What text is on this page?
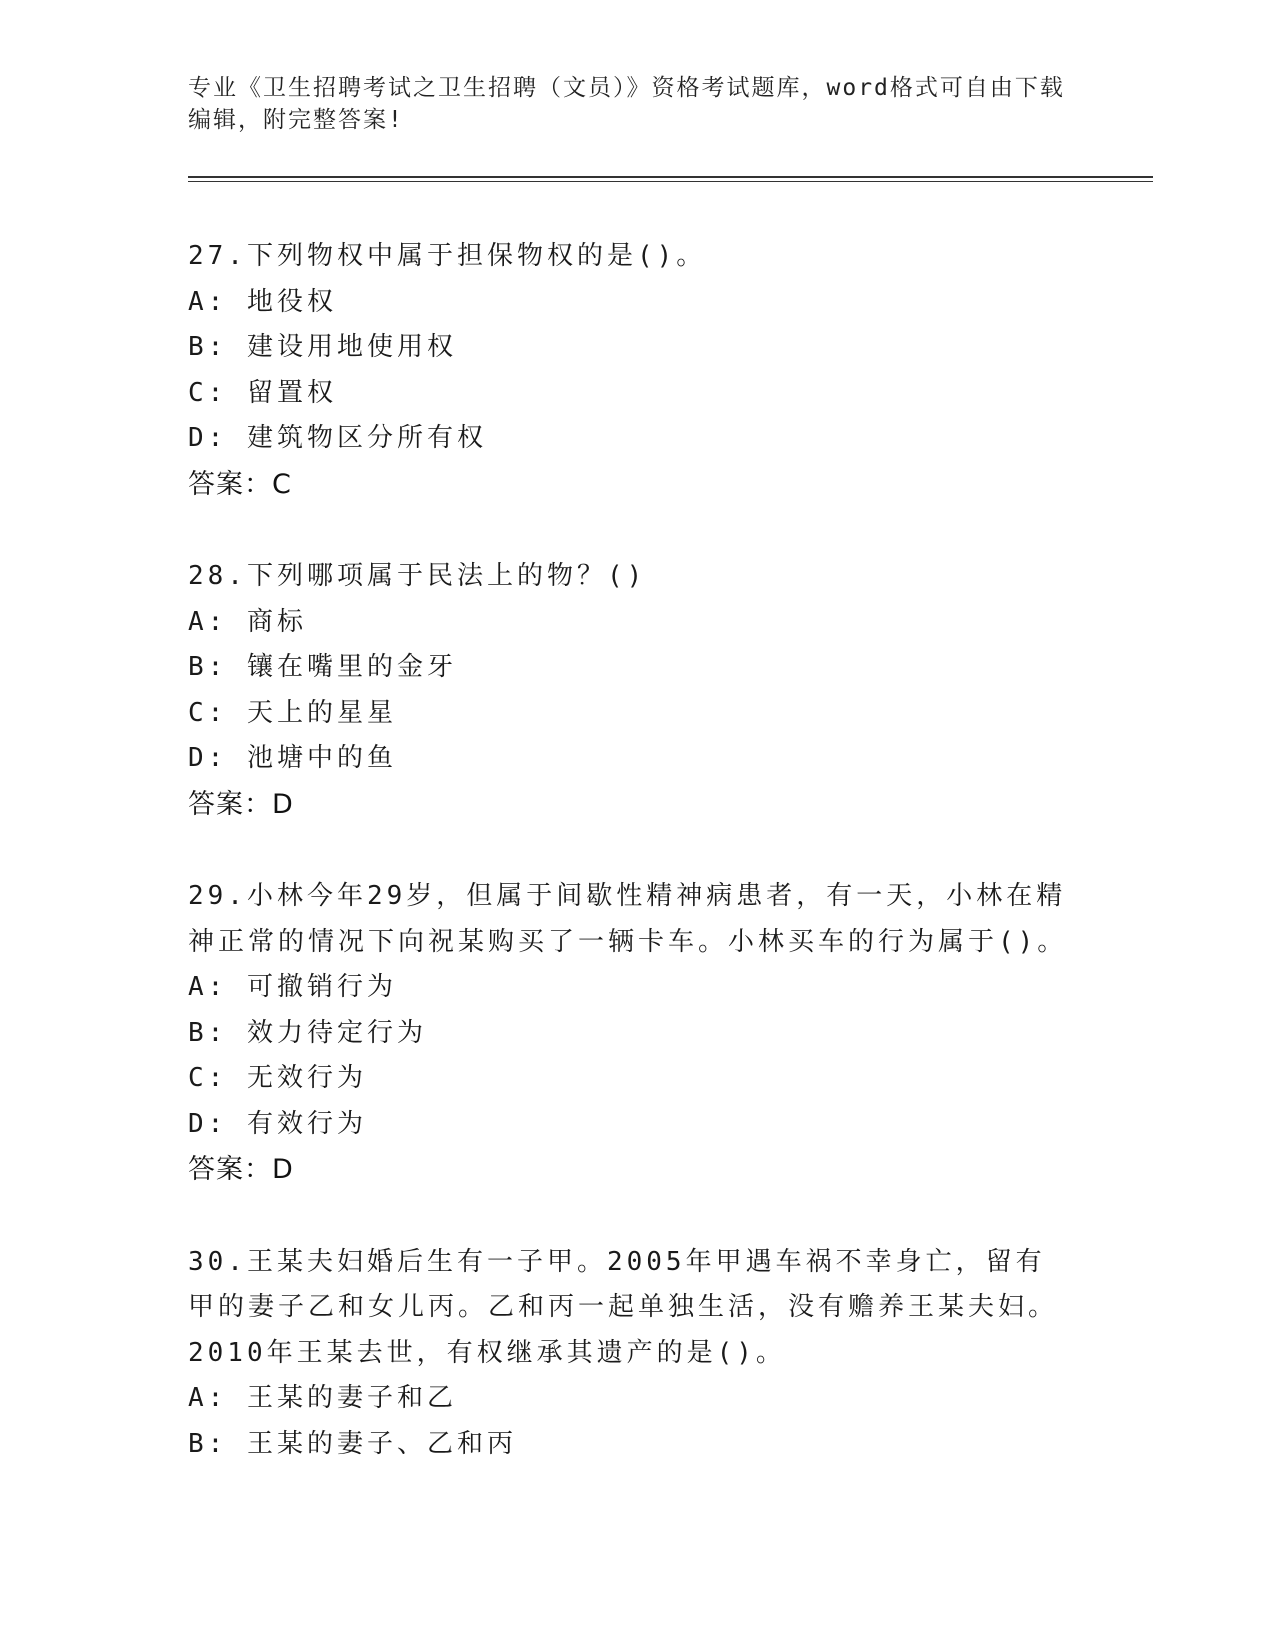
专业《卫生招聘考试之卫生招聘（文员）》资格考试题库，word格式可自由下载
编辑，附完整答案!
27.下列物权中属于担保物权的是()。
A: 地役权
B: 建设用地使用权
C: 留置权
D: 建筑物区分所有权
答案：C
28.下列哪项属于民法上的物？()
A: 商标
B: 镶在嘴里的金牙
C: 天上的星星
D: 池塘中的鱼
答案：D
29.小林今年29岁，但属于间歇性精神病患者，有一天，小林在精神正常的情况下向祝某购买了一辆卡车。小林买车的行为属于()。
A: 可撤销行为
B: 效力待定行为
C: 无效行为
D: 有效行为
答案：D
30.王某夫妇婚后生有一子甲。2005年甲遇车祸不幸身亡，留有甲的妻子乙和女儿丙。乙和丙一起单独生活，没有赡养王某夫妇。2010年王某去世，有权继承其遗产的是()。
A: 王某的妻子和乙
B: 王某的妻子、乙和丙
